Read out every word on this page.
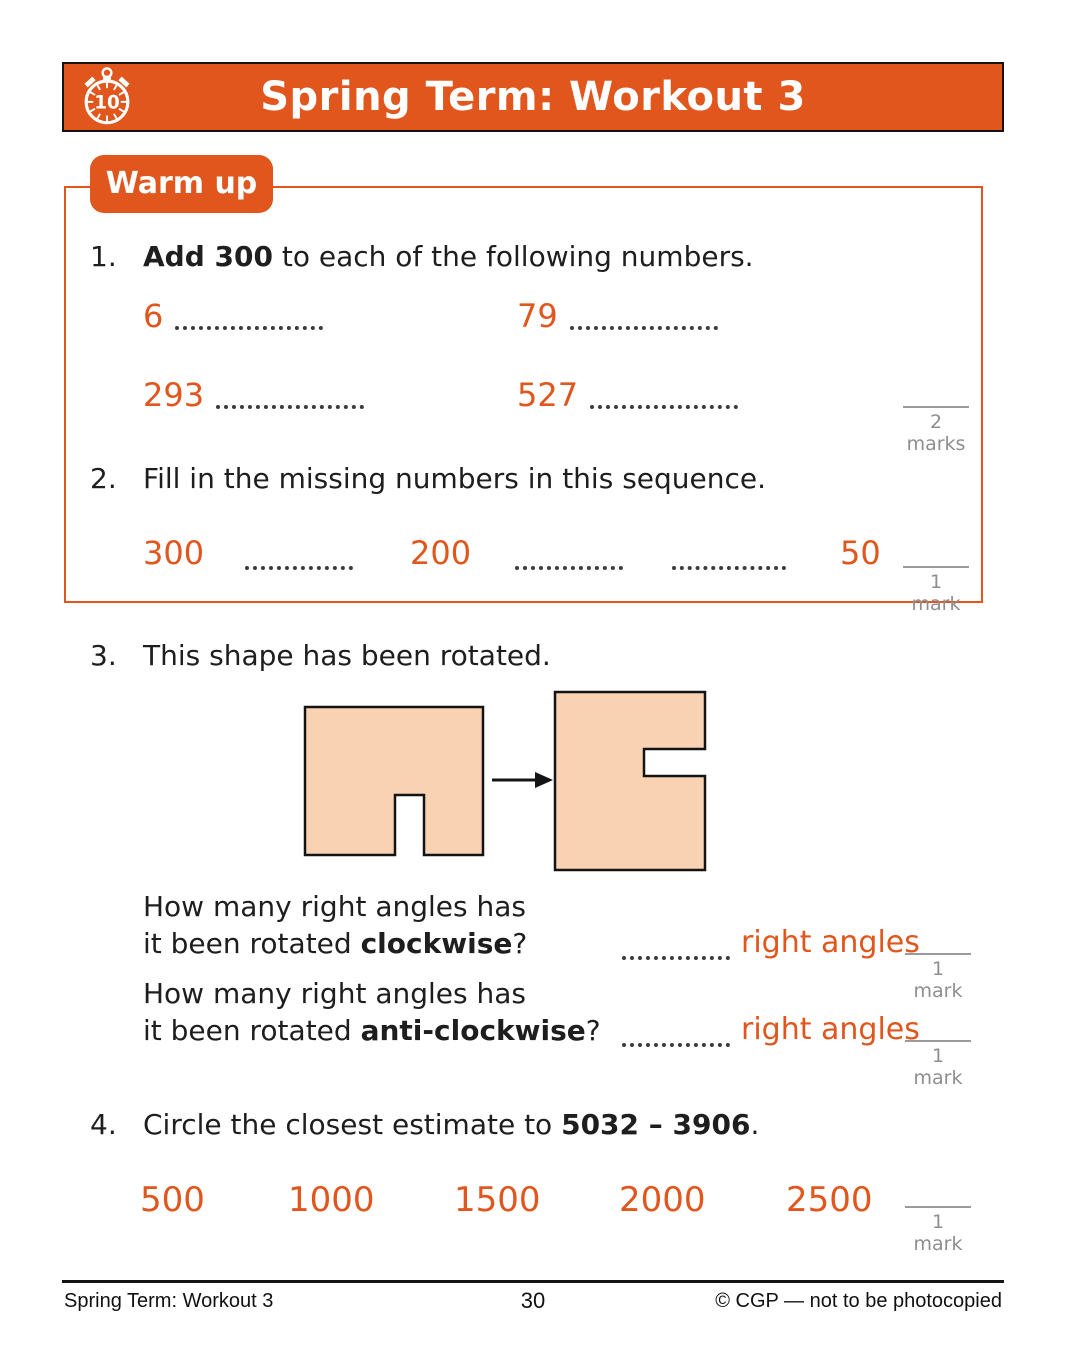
10	Spring Term: Workout 3
Warm up
1. Add 300 to each of the following numbers.
6	79
293	527
2 marks
2. Fill in the missing numbers in this sequence.
300	200	50
1 mark
3. This shape has been rotated.
How many right angles has
it been rotated clockwise?	right angles
1 mark
How many right angles has
it been rotated anti-clockwise?	right angles
1 mark
4. Circle the closest estimate to 5032 – 3906.
500 1000 1500 2000 2500
1 mark
Spring Term: Workout 3	30	© CGP — not to be photocopied
